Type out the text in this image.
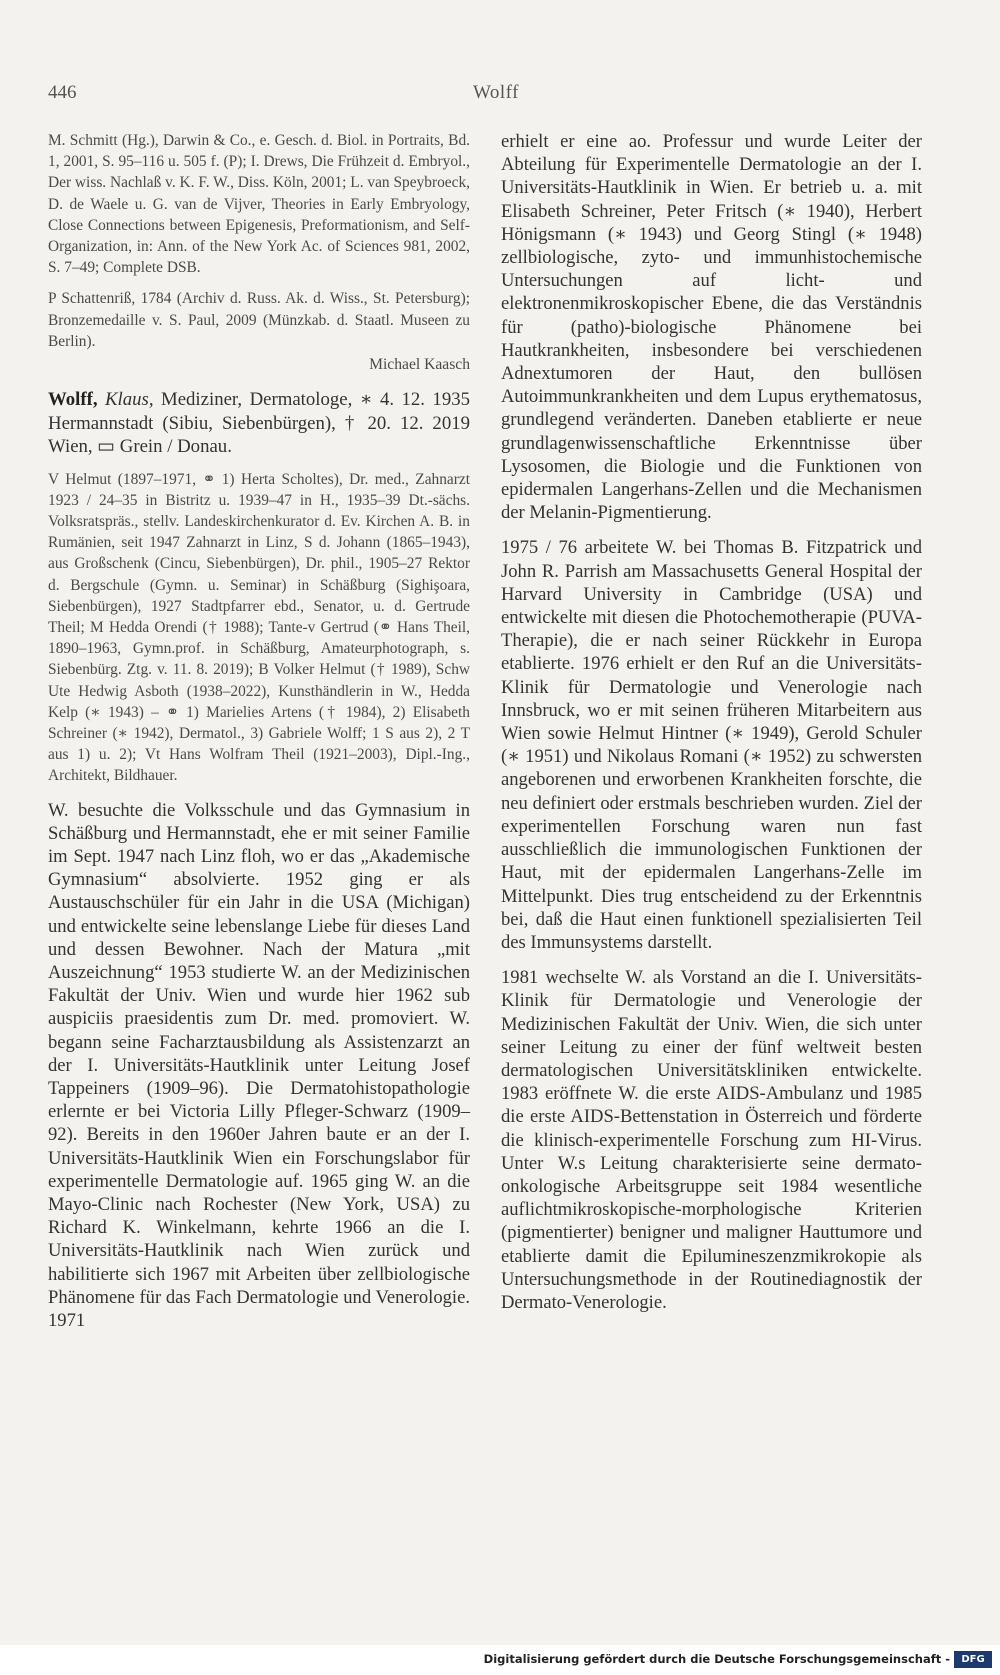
446	Wolff

M. Schmitt (Hg.), Darwin & Co., e. Gesch. d. Biol. in Portraits, Bd. 1, 2001, S. 95–116 u. 505 f. (P); I. Drews, Die Frühzeit d. Embryol., Der wiss. Nachlaß v. K. F. W., Diss. Köln, 2001; L. van Speybroeck, D. de Waele u. G. van de Vijver, Theories in Early Embryology, Close Connections between Epigenesis, Preformationism, and Self-Organization, in: Ann. of the New York Ac. of Sciences 981, 2002, S. 7–49; Complete DSB.

P Schattenriß, 1784 (Archiv d. Russ. Ak. d. Wiss., St. Petersburg); Bronzemedaille v. S. Paul, 2009 (Münzkab. d. Staatl. Museen zu Berlin).

Michael Kaasch

Wolff, Klaus, Mediziner, Dermatologe, ∗ 4. 12. 1935 Hermannstadt (Sibiu, Siebenbürgen), † 20. 12. 2019 Wien, ▭ Grein / Donau.

V Helmut (1897–1971, ⚭ 1) Herta Scholtes), Dr. med., Zahnarzt 1923 / 24–35 in Bistritz u. 1939–47 in H., 1935–39 Dt.-sächs. Volksratspräs., stellv. Landeskirchenkurator d. Ev. Kirchen A. B. in Rumänien, seit 1947 Zahnarzt in Linz, S d. Johann (1865–1943), aus Großschenk (Cincu, Siebenbürgen), Dr. phil., 1905–27 Rektor d. Bergschule (Gymn. u. Seminar) in Schäßburg (Sighişoara, Siebenbürgen), 1927 Stadtpfarrer ebd., Senator, u. d. Gertrude Theil; M Hedda Orendi († 1988); Tante-v Gertrud (⚭ Hans Theil, 1890–1963, Gymn.prof. in Schäßburg, Amateurphotograph, s. Siebenbürg. Ztg. v. 11. 8. 2019); B Volker Helmut († 1989), Schw Ute Hedwig Asboth (1938–2022), Kunsthändlerin in W., Hedda Kelp (∗ 1943) – ⚭ 1) Marielies Artens († 1984), 2) Elisabeth Schreiner (∗ 1942), Dermatol., 3) Gabriele Wolff; 1 S aus 2), 2 T aus 1) u. 2); Vt Hans Wolfram Theil (1921–2003), Dipl.-Ing., Architekt, Bildhauer.

W. besuchte die Volksschule und das Gymnasium in Schäßburg und Hermannstadt, ehe er mit seiner Familie im Sept. 1947 nach Linz floh, wo er das „Akademische Gymnasium“ absolvierte. 1952 ging er als Austauschschüler für ein Jahr in die USA (Michigan) und entwickelte seine lebenslange Liebe für dieses Land und dessen Bewohner. Nach der Matura „mit Auszeichnung“ 1953 studierte W. an der Medizinischen Fakultät der Univ. Wien und wurde hier 1962 sub auspiciis praesidentis zum Dr. med. promoviert. W. begann seine Facharztausbildung als Assistenzarzt an der I. Universitäts-Hautklinik unter Leitung Josef Tappeiners (1909–96). Die Dermatohistopathologie erlernte er bei Victoria Lilly Pfleger-Schwarz (1909–92). Bereits in den 1960er Jahren baute er an der I. Universitäts-Hautklinik Wien ein Forschungslabor für experimentelle Dermatologie auf. 1965 ging W. an die Mayo-Clinic nach Rochester (New York, USA) zu Richard K. Winkelmann, kehrte 1966 an die I. Universitäts-Hautklinik nach Wien zurück und habilitierte sich 1967 mit Arbeiten über zellbiologische Phänomene für das Fach Dermatologie und Venerologie. 1971

erhielt er eine ao. Professur und wurde Leiter der Abteilung für Experimentelle Dermatologie an der I. Universitäts-Hautklinik in Wien. Er betrieb u. a. mit Elisabeth Schreiner, Peter Fritsch (∗ 1940), Herbert Hönigsmann (∗ 1943) und Georg Stingl (∗ 1948) zellbiologische, zyto- und immunhistochemische Untersuchungen auf licht- und elektronenmikroskopischer Ebene, die das Verständnis für (patho)-biologische Phänomene bei Hautkrankheiten, insbesondere bei verschiedenen Adnextumoren der Haut, den bullösen Autoimmunkrankheiten und dem Lupus erythematosus, grundlegend veränderten. Daneben etablierte er neue grundlagenwissenschaftliche Erkenntnisse über Lysosomen, die Biologie und die Funktionen von epidermalen Langerhans-Zellen und die Mechanismen der Melanin-Pigmentierung.

1975 / 76 arbeitete W. bei Thomas B. Fitzpatrick und John R. Parrish am Massachusetts General Hospital der Harvard University in Cambridge (USA) und entwickelte mit diesen die Photochemotherapie (PUVA-Therapie), die er nach seiner Rückkehr in Europa etablierte. 1976 erhielt er den Ruf an die Universitäts-Klinik für Dermatologie und Venerologie nach Innsbruck, wo er mit seinen früheren Mitarbeitern aus Wien sowie Helmut Hintner (∗ 1949), Gerold Schuler (∗ 1951) und Nikolaus Romani (∗ 1952) zu schwersten angeborenen und erworbenen Krankheiten forschte, die neu definiert oder erstmals beschrieben wurden. Ziel der experimentellen Forschung waren nun fast ausschließlich die immunologischen Funktionen der Haut, mit der epidermalen Langerhans-Zelle im Mittelpunkt. Dies trug entscheidend zu der Erkenntnis bei, daß die Haut einen funktionell spezialisierten Teil des Immunsystems darstellt.

1981 wechselte W. als Vorstand an die I. Universitäts-Klinik für Dermatologie und Venerologie der Medizinischen Fakultät der Univ. Wien, die sich unter seiner Leitung zu einer der fünf weltweit besten dermatologischen Universitätskliniken entwickelte. 1983 eröffnete W. die erste AIDS-Ambulanz und 1985 die erste AIDS-Bettenstation in Österreich und förderte die klinisch-experimentelle Forschung zum HI-Virus. Unter W.s Leitung charakterisierte seine dermato-onkologische Arbeitsgruppe seit 1984 wesentliche auflichtmikroskopische-morphologische Kriterien (pigmentierter) benigner und maligner Hauttumore und etablierte damit die Epilumineszenzmikrokopie als Untersuchungsmethode in der Routinediagnostik der Dermato-Venerologie.

Digitalisierung gefördert durch die Deutsche Forschungsgemeinschaft -	DFG
